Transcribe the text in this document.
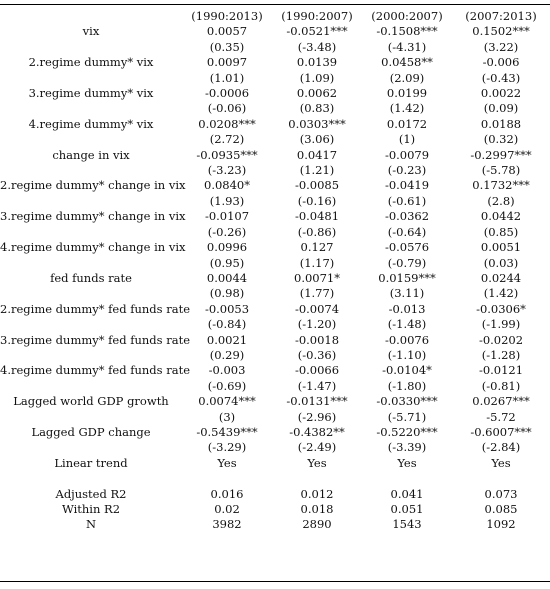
	(1990:2013)	(1990:2007)	(2000:2007)	(2007:2013)
vix	0.0057	-0.0521***	-0.1508***	0.1502***
	(0.35)	(-3.48)	(-4.31)	(3.22)
2.regime dummy* vix	0.0097	0.0139	0.0458**	-0.006
	(1.01)	(1.09)	(2.09)	(-0.43)
3.regime dummy* vix	-0.0006	0.0062	0.0199	0.0022
	(-0.06)	(0.83)	(1.42)	(0.09)
4.regime dummy* vix	0.0208***	0.0303***	0.0172	0.0188
	(2.72)	(3.06)	(1)	(0.32)
change in vix	-0.0935***	0.0417	-0.0079	-0.2997***
	(-3.23)	(1.21)	(-0.23)	(-5.78)
2.regime dummy* change in vix	0.0840*	-0.0085	-0.0419	0.1732***
	(1.93)	(-0.16)	(-0.61)	(2.8)
3.regime dummy* change in vix	-0.0107	-0.0481	-0.0362	0.0442
	(-0.26)	(-0.86)	(-0.64)	(0.85)
4.regime dummy* change in vix	0.0996	0.127	-0.0576	0.0051
	(0.95)	(1.17)	(-0.79)	(0.03)
fed funds rate	0.0044	0.0071*	0.0159***	0.0244
	(0.98)	(1.77)	(3.11)	(1.42)
2.regime dummy* fed funds rate	-0.0053	-0.0074	-0.013	-0.0306*
	(-0.84)	(-1.20)	(-1.48)	(-1.99)
3.regime dummy* fed funds rate	0.0021	-0.0018	-0.0076	-0.0202
	(0.29)	(-0.36)	(-1.10)	(-1.28)
4.regime dummy* fed funds rate	-0.003	-0.0066	-0.0104*	-0.0121
	(-0.69)	(-1.47)	(-1.80)	(-0.81)
Lagged world GDP growth	0.0074***	-0.0131***	-0.0330***	0.0267***
	(3)	(-2.96)	(-5.71)	-5.72
Lagged GDP change	-0.5439***	-0.4382**	-0.5220***	-0.6007***
	(-3.29)	(-2.49)	(-3.39)	(-2.84)
Linear trend	Yes	Yes	Yes	Yes

Adjusted R2	0.016	0.012	0.041	0.073
Within R2	0.02	0.018	0.051	0.085
N	3982	2890	1543	1092
